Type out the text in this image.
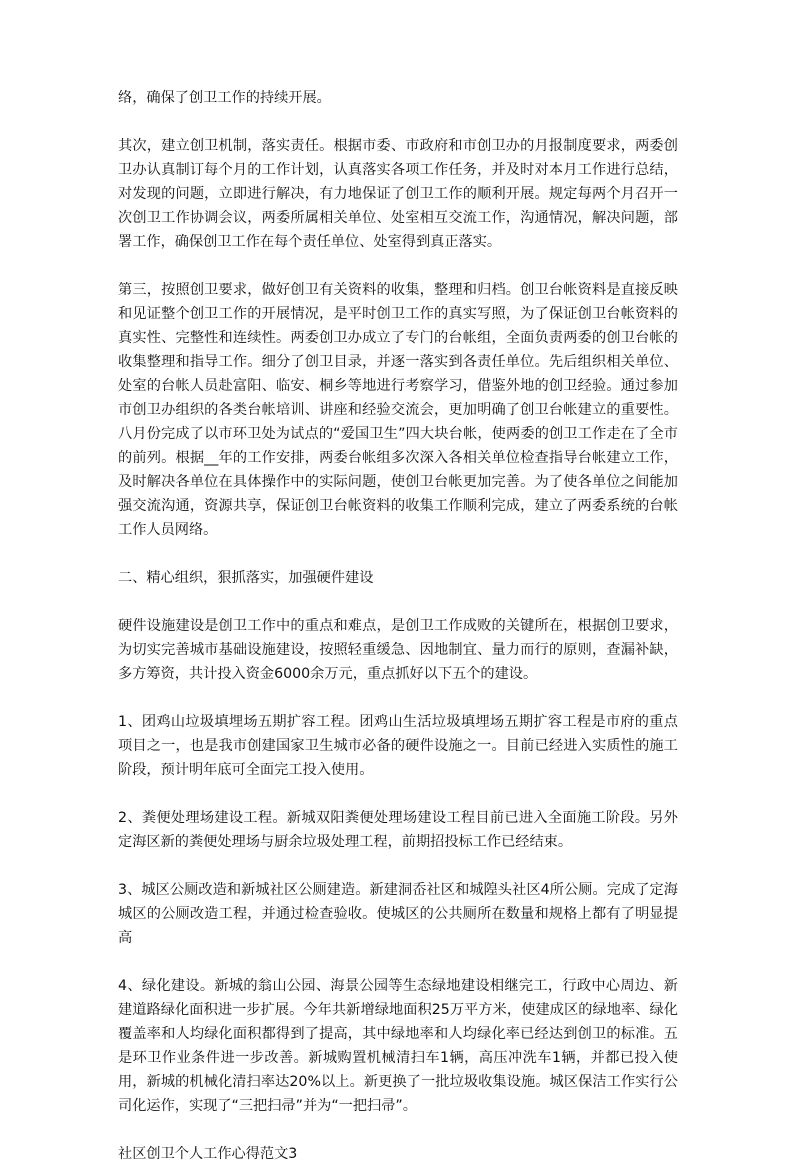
络，确保了创卫工作的持续开展。

其次，建立创卫机制，落实责任。根据市委、市政府和市创卫办的月报制度要求，两委创卫办认真制订每个月的工作计划，认真落实各项工作任务，并及时对本月工作进行总结，对发现的问题，立即进行解决，有力地保证了创卫工作的顺利开展。规定每两个月召开一次创卫工作协调会议，两委所属相关单位、处室相互交流工作，沟通情况，解决问题，部署工作，确保创卫工作在每个责任单位、处室得到真正落实。

第三，按照创卫要求，做好创卫有关资料的收集，整理和归档。创卫台帐资料是直接反映和见证整个创卫工作的开展情况，是平时创卫工作的真实写照，为了保证创卫台帐资料的真实性、完整性和连续性。两委创卫办成立了专门的台帐组，全面负责两委的创卫台帐的收集整理和指导工作。细分了创卫目录，并逐一落实到各责任单位。先后组织相关单位、处室的台帐人员赴富阳、临安、桐乡等地进行考察学习，借鉴外地的创卫经验。通过参加市创卫办组织的各类台帐培训、讲座和经验交流会，更加明确了创卫台帐建立的重要性。八月份完成了以市环卫处为试点的“爱国卫生”四大块台帐，使两委的创卫工作走在了全市的前列。根据__年的工作安排，两委台帐组多次深入各相关单位检查指导台帐建立工作，及时解决各单位在具体操作中的实际问题，使创卫台帐更加完善。为了使各单位之间能加强交流沟通，资源共享，保证创卫台帐资料的收集工作顺利完成，建立了两委系统的台帐工作人员网络。

二、精心组织，狠抓落实，加强硬件建设

硬件设施建设是创卫工作中的重点和难点，是创卫工作成败的关键所在，根据创卫要求，为切实完善城市基础设施建设，按照轻重缓急、因地制宜、量力而行的原则，查漏补缺，多方筹资，共计投入资金6000余万元，重点抓好以下五个的建设。

1、团鸡山垃圾填埋场五期扩容工程。团鸡山生活垃圾填埋场五期扩容工程是市府的重点项目之一，也是我市创建国家卫生城市必备的硬件设施之一。目前已经进入实质性的施工阶段，预计明年底可全面完工投入使用。

2、粪便处理场建设工程。新城双阳粪便处理场建设工程目前已进入全面施工阶段。另外定海区新的粪便处理场与厨余垃圾处理工程，前期招投标工作已经结束。

3、城区公厕改造和新城社区公厕建造。新建洞岙社区和城隍头社区4所公厕。完成了定海城区的公厕改造工程，并通过检查验收。使城区的公共厕所在数量和规格上都有了明显提高

4、绿化建设。新城的翁山公园、海景公园等生态绿地建设相继完工，行政中心周边、新建道路绿化面积进一步扩展。今年共新增绿地面积25万平方米，使建成区的绿地率、绿化覆盖率和人均绿化面积都得到了提高，其中绿地率和人均绿化率已经达到创卫的标准。五是环卫作业条件进一步改善。新城购置机械清扫车1辆，高压冲洗车1辆，并都已投入使用，新城的机械化清扫率达20%以上。新更换了一批垃圾收集设施。城区保洁工作实行公司化运作，实现了“三把扫帚”并为“一把扫帚”。

社区创卫个人工作心得范文3
